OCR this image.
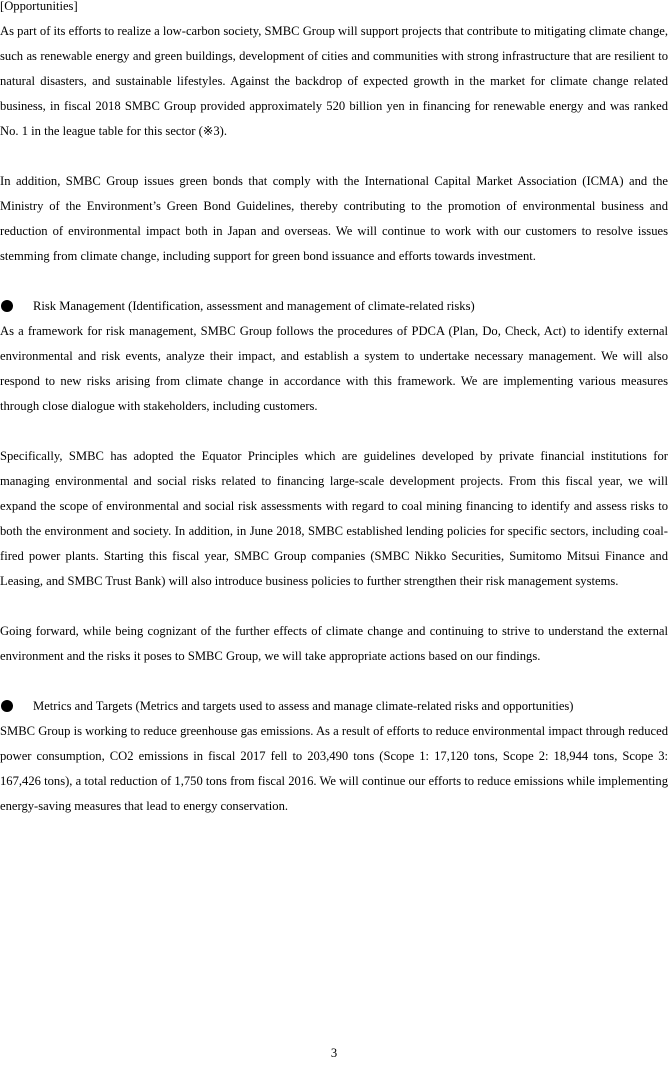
[Opportunities]

As part of its efforts to realize a low-carbon society, SMBC Group will support projects that contribute to mitigating climate change, such as renewable energy and green buildings, development of cities and communities with strong infrastructure that are resilient to natural disasters, and sustainable lifestyles. Against the backdrop of expected growth in the market for climate change related business, in fiscal 2018 SMBC Group provided approximately 520 billion yen in financing for renewable energy and was ranked No. 1 in the league table for this sector (※3).

In addition, SMBC Group issues green bonds that comply with the International Capital Market Association (ICMA) and the Ministry of the Environment’s Green Bond Guidelines, thereby contributing to the promotion of environmental business and reduction of environmental impact both in Japan and overseas. We will continue to work with our customers to resolve issues stemming from climate change, including support for green bond issuance and efforts towards investment.

Risk Management (Identification, assessment and management of climate-related risks)

As a framework for risk management, SMBC Group follows the procedures of PDCA (Plan, Do, Check, Act) to identify external environmental and risk events, analyze their impact, and establish a system to undertake necessary management. We will also respond to new risks arising from climate change in accordance with this framework. We are implementing various measures through close dialogue with stakeholders, including customers.

Specifically, SMBC has adopted the Equator Principles which are guidelines developed by private financial institutions for managing environmental and social risks related to financing large-scale development projects. From this fiscal year, we will expand the scope of environmental and social risk assessments with regard to coal mining financing to identify and assess risks to both the environment and society. In addition, in June 2018, SMBC established lending policies for specific sectors, including coal-fired power plants. Starting this fiscal year, SMBC Group companies (SMBC Nikko Securities, Sumitomo Mitsui Finance and Leasing, and SMBC Trust Bank) will also introduce business policies to further strengthen their risk management systems.

Going forward, while being cognizant of the further effects of climate change and continuing to strive to understand the external environment and the risks it poses to SMBC Group, we will take appropriate actions based on our findings.

Metrics and Targets (Metrics and targets used to assess and manage climate-related risks and opportunities)

SMBC Group is working to reduce greenhouse gas emissions. As a result of efforts to reduce environmental impact through reduced power consumption, CO2 emissions in fiscal 2017 fell to 203,490 tons (Scope 1: 17,120 tons, Scope 2: 18,944 tons, Scope 3: 167,426 tons), a total reduction of 1,750 tons from fiscal 2016. We will continue our efforts to reduce emissions while implementing energy-saving measures that lead to energy conservation.

3
